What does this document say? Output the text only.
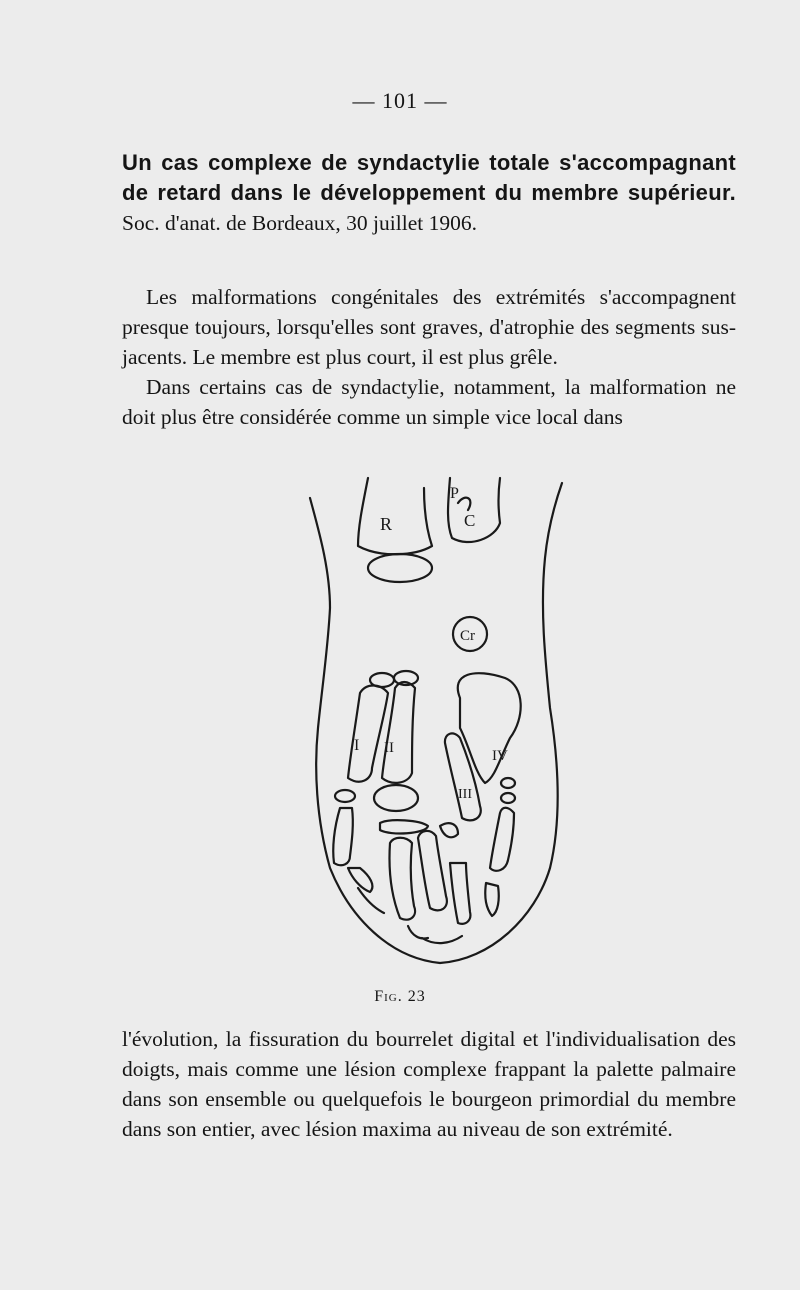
— 101 —
Un cas complexe de syndactylie totale s'accompagnant de retard dans le développement du membre supérieur. Soc. d'anat. de Bordeaux, 30 juillet 1906.

Les malformations congénitales des extrémités s'accompagnent presque toujours, lorsqu'elles sont graves, d'atrophie des segments sus-jacents. Le membre est plus court, il est plus grêle.

Dans certains cas de syndactylie, notamment, la malformation ne doit plus être considérée comme un simple vice local dans

R	C
P
Cr
I II
III
IV
Fig. 23

l'évolution, la fissuration du bourrelet digital et l'individualisation des doigts, mais comme une lésion complexe frappant la palette palmaire dans son ensemble ou quelquefois le bourgeon primordial du membre dans son entier, avec lésion maxima au niveau de son extrémité.
